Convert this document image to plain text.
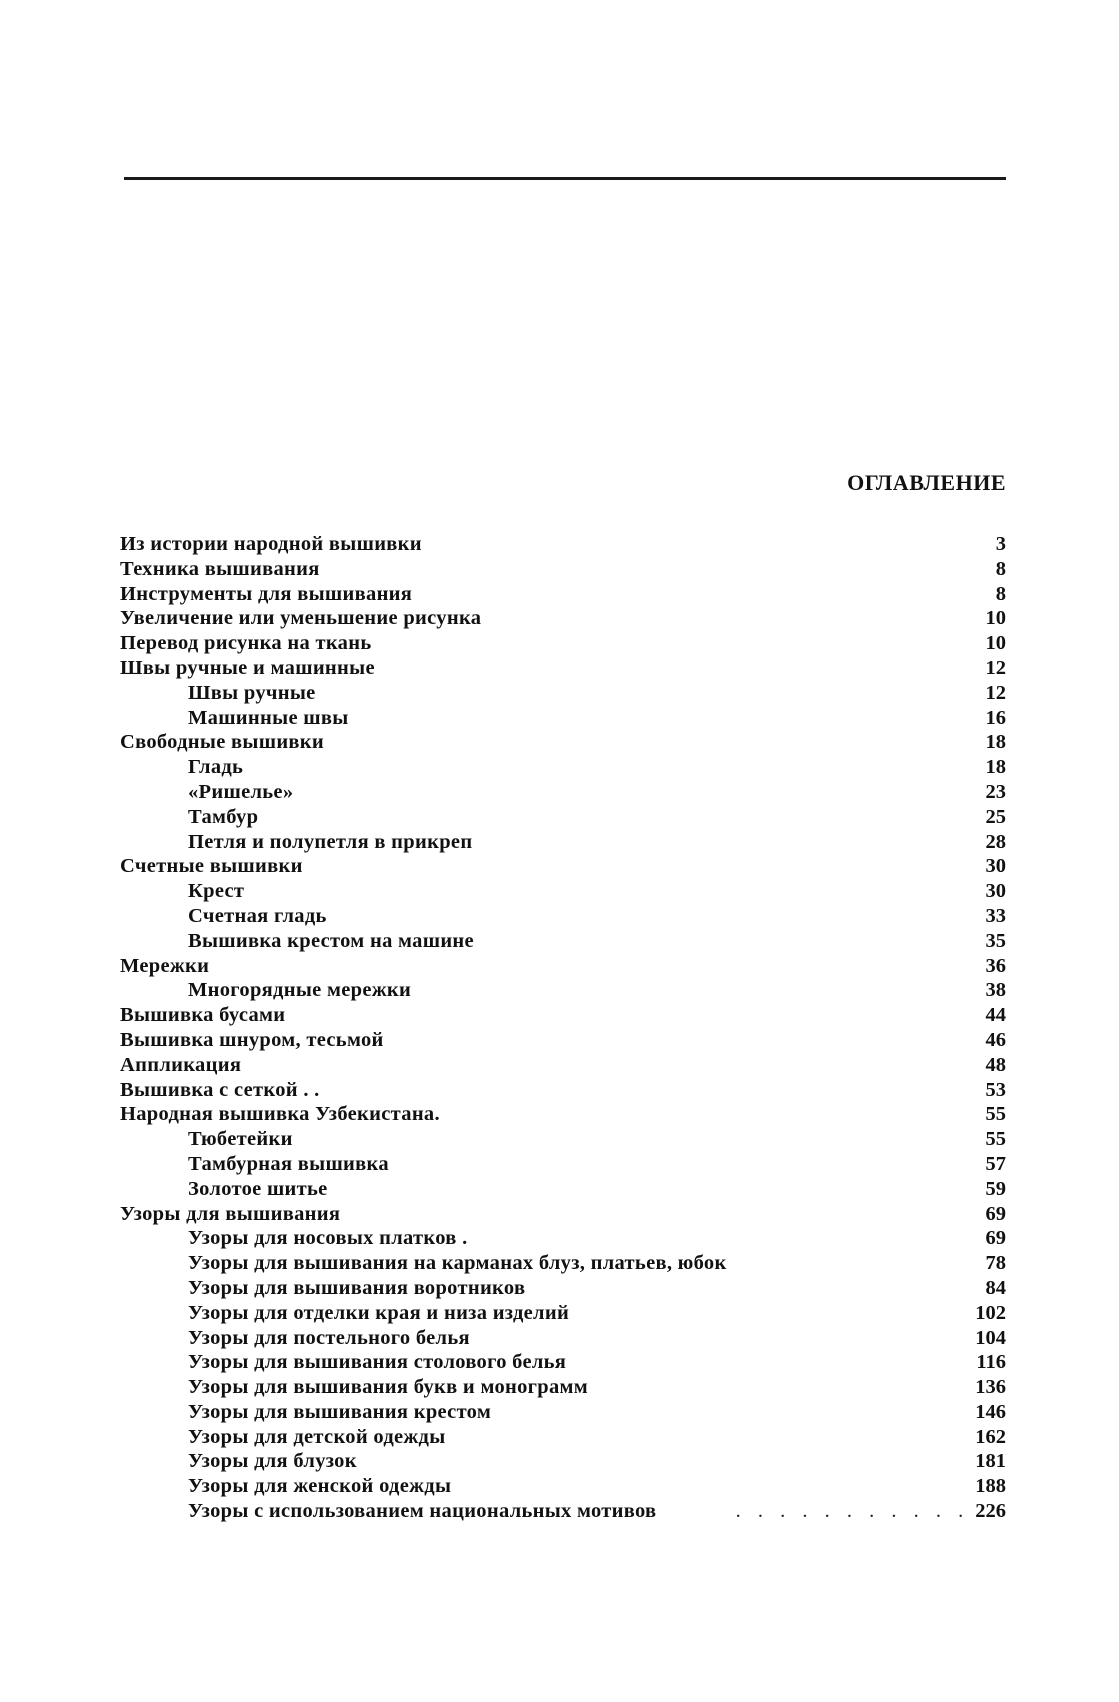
ОГЛАВЛЕНИЕ
Из истории народной вышивки	3
Техника вышивания	8
Инструменты для вышивания	8
Увеличение или уменьшение рисунка	10
Перевод рисунка на ткань	10
Швы ручные и машинные	12
Швы ручные	12
Машинные швы	16
Свободные вышивки	18
Гладь	18
«Ришелье»	23
Тамбур	25
Петля и полупетля в прикреп	28
Счетные вышивки	30
Крест	30
Счетная гладь	33
Вышивка крестом на машине	35
Мережки	36
Многорядные мережки	38
Вышивка бусами	44
Вышивка шнуром, тесьмой	46
Аппликация	48
Вышивка с сеткой . .	53
Народная вышивка Узбекистана.	55
Тюбетейки	55
Тамбурная вышивка	57
Золотое шитье	59
Узоры для вышивания	69
Узоры для носовых платков .	69
Узоры для вышивания на карманах блуз, платьев, юбок	78
Узоры для вышивания воротников	84
Узоры для отделки края и низа изделий	102
Узоры для постельного белья	104
Узоры для вышивания столового белья	116
Узоры для вышивания букв и монограмм	136
Узоры для вышивания крестом	146
Узоры для детской одежды	162
Узоры для блузок	181
Узоры для женской одежды	188
Узоры с использованием национальных мотивов	. . . . . . . . . . . 226
